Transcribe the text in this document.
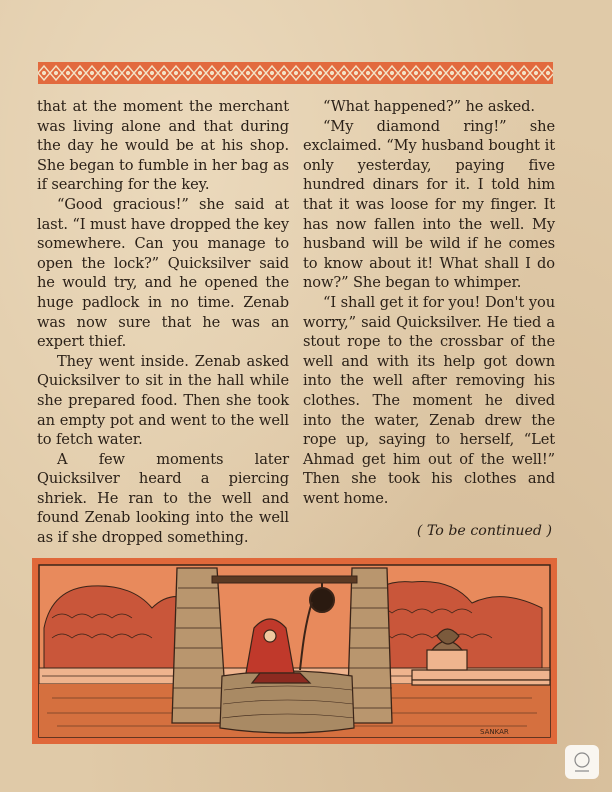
that at the moment the merchant was living alone and that during the day he would be at his shop. She began to fumble in her bag as if searching for the key.

“Good gracious!” she said at last. “I must have dropped the key somewhere. Can you manage to open the lock?” Quicksilver said he would try, and he opened the huge padlock in no time. Zenab was now sure that he was an expert thief.

They went inside. Zenab asked Quicksilver to sit in the hall while she prepared food. Then she took an empty pot and went to the well to fetch water.

A few moments later Quicksilver heard a piercing shriek. He ran to the well and found Zenab looking into the well as if she dropped something.

“What happened?” he asked.

“My diamond ring!” she exclaimed. “My husband bought it only yesterday, paying five hundred dinars for it. I told him that it was loose for my finger. It has now fallen into the well. My husband will be wild if he comes to know about it! What shall I do now?” She began to whimper.

“I shall get it for you! Don't you worry,” said Quicksilver. He tied a stout rope to the crossbar of the well and with its help got down into the well after removing his clothes. The moment he dived into the water, Zenab drew the rope up, saying to herself, “Let Ahmad get him out of the well!” Then she took his clothes and went home.

( To be continued )
SANKAR
